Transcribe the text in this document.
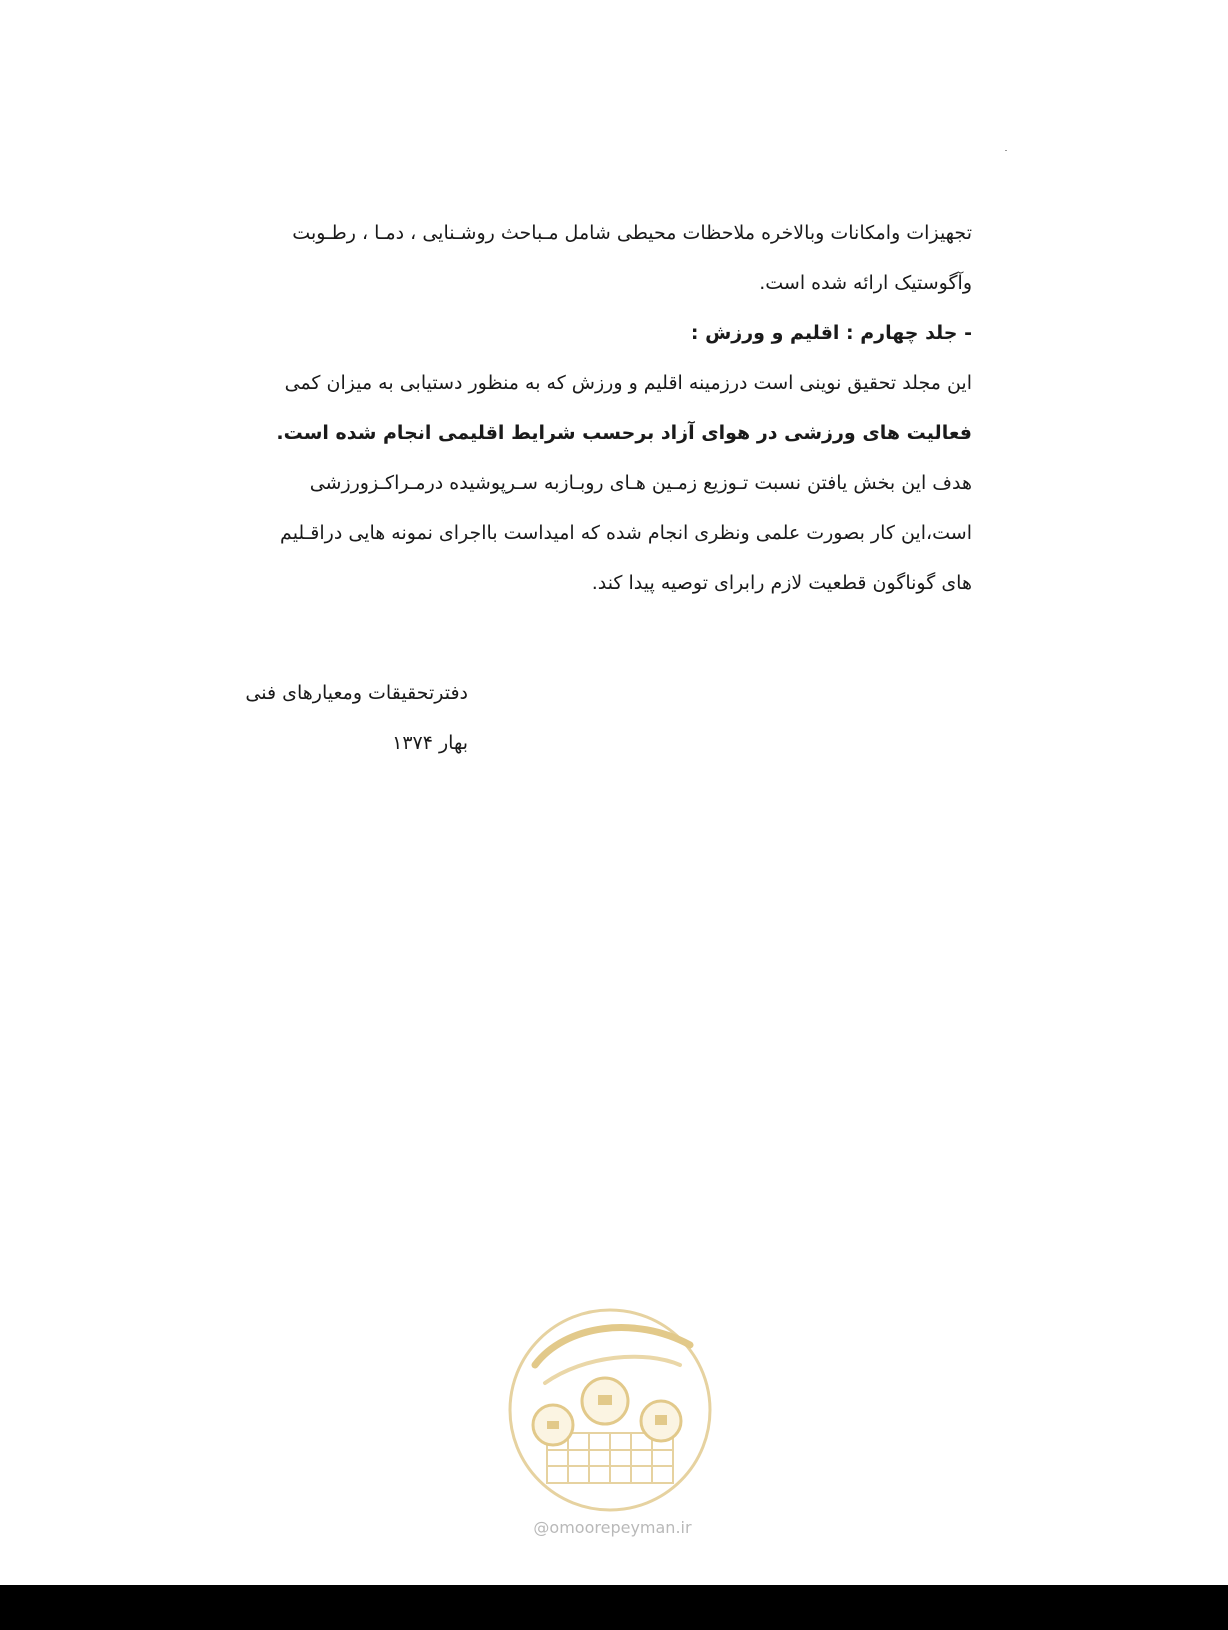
تجهیزات وامکانات وبالاخره ملاحظات محیطی شامل مـباحث روشـنایی ، دمـا ، رطـوبت

وآگوستیک ارائه شده است.

- جلد چهارم : اقلیم و ورزش :

این مجلد تحقیق نوینی است درزمینه اقلیم و ورزش که به منظور دستیابی به میزان کمی

فعالیت های ورزشی در هوای آزاد برحسب شرایط اقلیمی انجام شده است.

هدف این بخش یافتن نسبت تـوزیع زمـین هـای روبـازبه سـرپوشیده درمـراکـزورزشی

است،این کار بصورت علمی ونظری انجام شده که امیداست بااجرای نمونه هایی دراقـلیم

های گوناگون قطعیت لازم رابرای توصیه پیدا کند.

دفترتحقیقات ومعیارهای فنی
بهار ۱۳۷۴
@omoorepeyman.ir
